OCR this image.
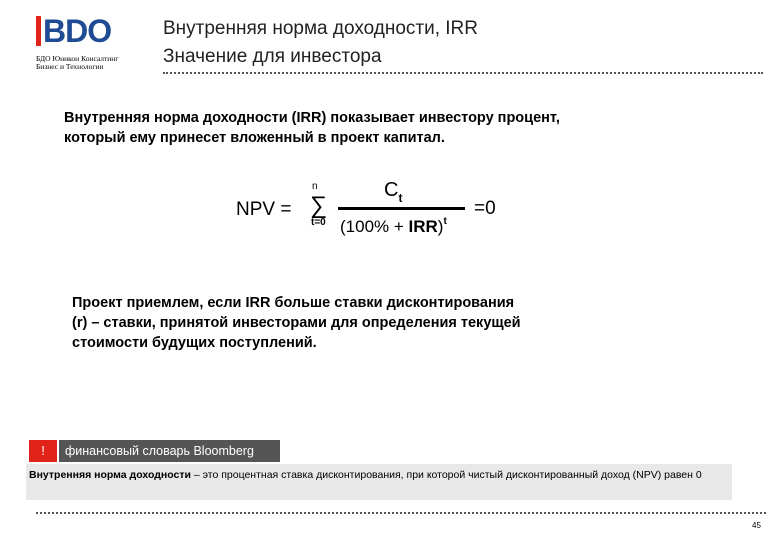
BDO
БДО Юникон Консалтинг
Бизнес и Технологии
Внутренняя норма доходности, IRR
Значение для инвестора
Внутренняя норма доходности (IRR) показывает инвестору процент, который ему принесет вложенный в проект капитал.
NPV =
n
∑
t=0
$C_t$	=0
(100% + IRR)$^t$
Проект приемлем, если IRR больше ставки дисконтирования (r) – ставки, принятой инвесторами для определения текущей стоимости будущих поступлений.
!	финансовый словарь Bloomberg
Внутренняя норма доходности – это процентная ставка дисконтирования, при которой чистый дисконтированный доход (NPV) равен 0
45
